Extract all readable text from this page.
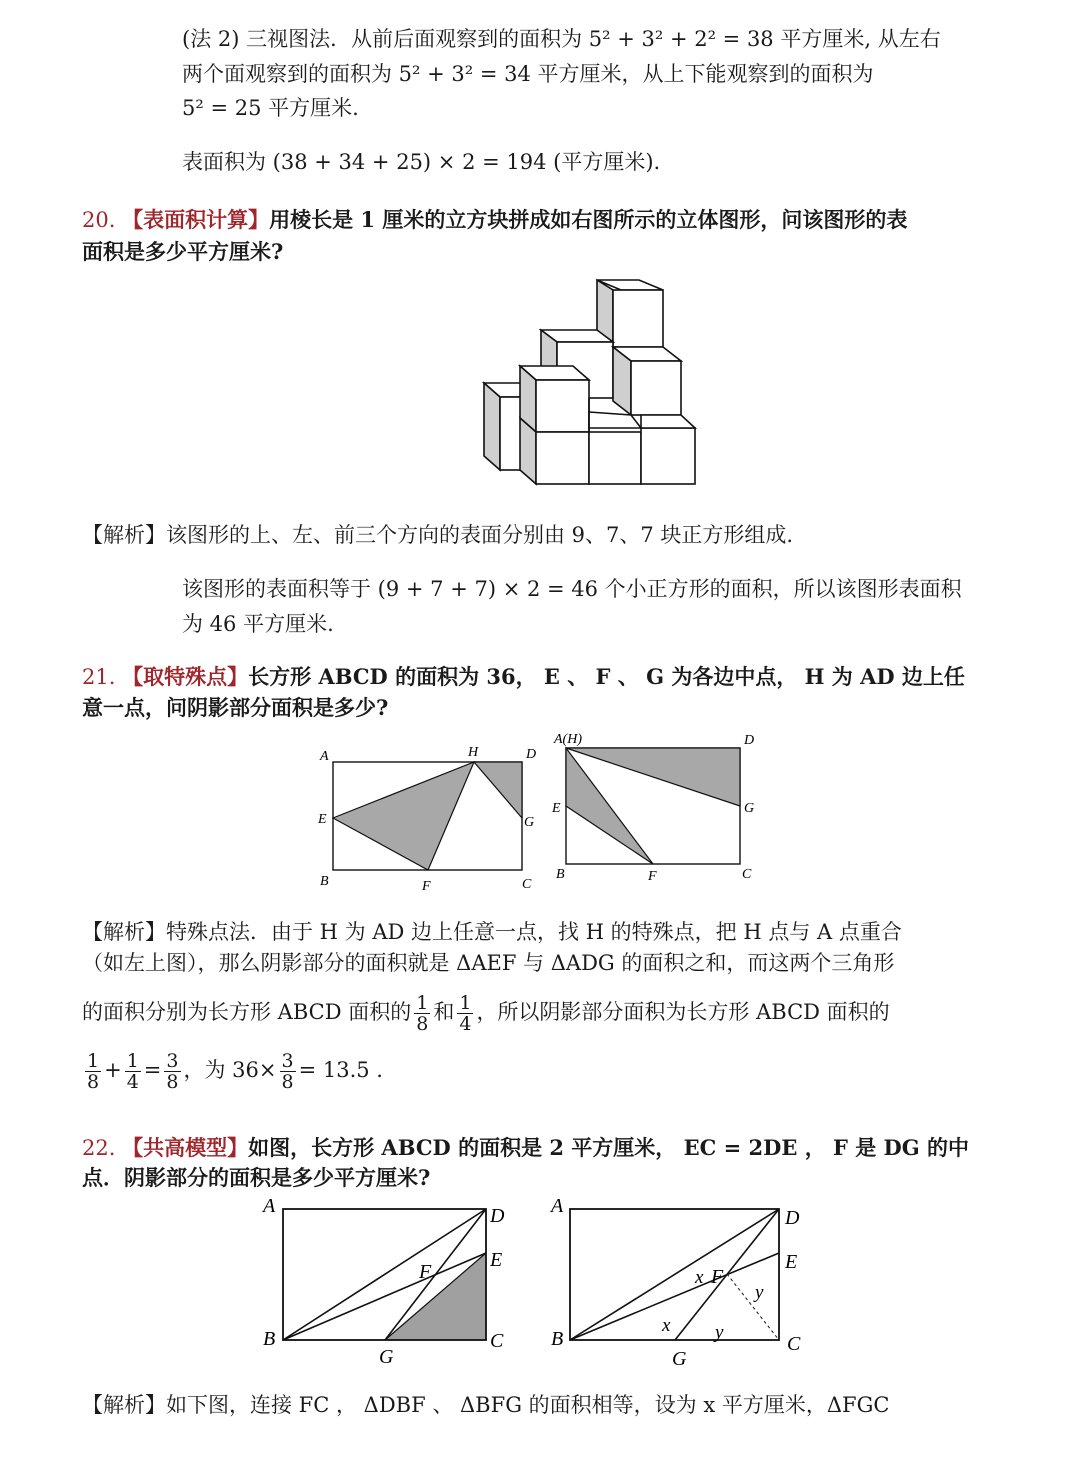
(法 2) 三视图法．从前后面观察到的面积为 5² + 3² + 2² = 38 平方厘米, 从左右
两个面观察到的面积为 5² + 3² = 34 平方厘米，从上下能观察到的面积为
5² = 25 平方厘米.
表面积为 (38 + 34 + 25) × 2 = 194 (平方厘米).
20. 【表面积计算】用棱长是 1 厘米的立方块拼成如右图所示的立体图形，问该图形的表
面积是多少平方厘米?
【解析】该图形的上、左、前三个方向的表面分别由 9、7、7 块正方形组成.
该图形的表面积等于 (9 + 7 + 7) × 2 = 46 个小正方形的面积，所以该图形表面积
为 46 平方厘米.
21. 【取特殊点】长方形 ABCD 的面积为 36， E 、 F 、 G 为各边中点， H 为 AD 边上任
意一点，问阴影部分面积是多少?
A	H	D
E	G
B	F	C
A(H)	D
E	G
B	F	C
【解析】特殊点法．由于 H 为 AD 边上任意一点，找 H 的特殊点，把 H 点与 A 点重合
（如左上图），那么阴影部分的面积就是 ΔAEF 与 ΔADG 的面积之和，而这两个三角形
的面积分别为长方形 ABCD 面积的 $\frac{1}{8}$ 和 $\frac{1}{4}$ ，所以阴影部分面积为长方形 ABCD 面积的
$\frac{1}{8} + \frac{1}{4} = \frac{3}{8}$ ，为 $36\times \frac{3}{8} = 13.5$ .
22. 【共高模型】如图，长方形 ABCD 的面积是 2 平方厘米， EC = 2DE ， F 是 DG 的中
点．阴影部分的面积是多少平方厘米?
A	D
E
F
B
G
C
A
D
E
F
x
y
x y
B
G
C
【解析】如下图，连接 FC ， ΔDBF 、 ΔBFG 的面积相等，设为 x 平方厘米，ΔFGC
